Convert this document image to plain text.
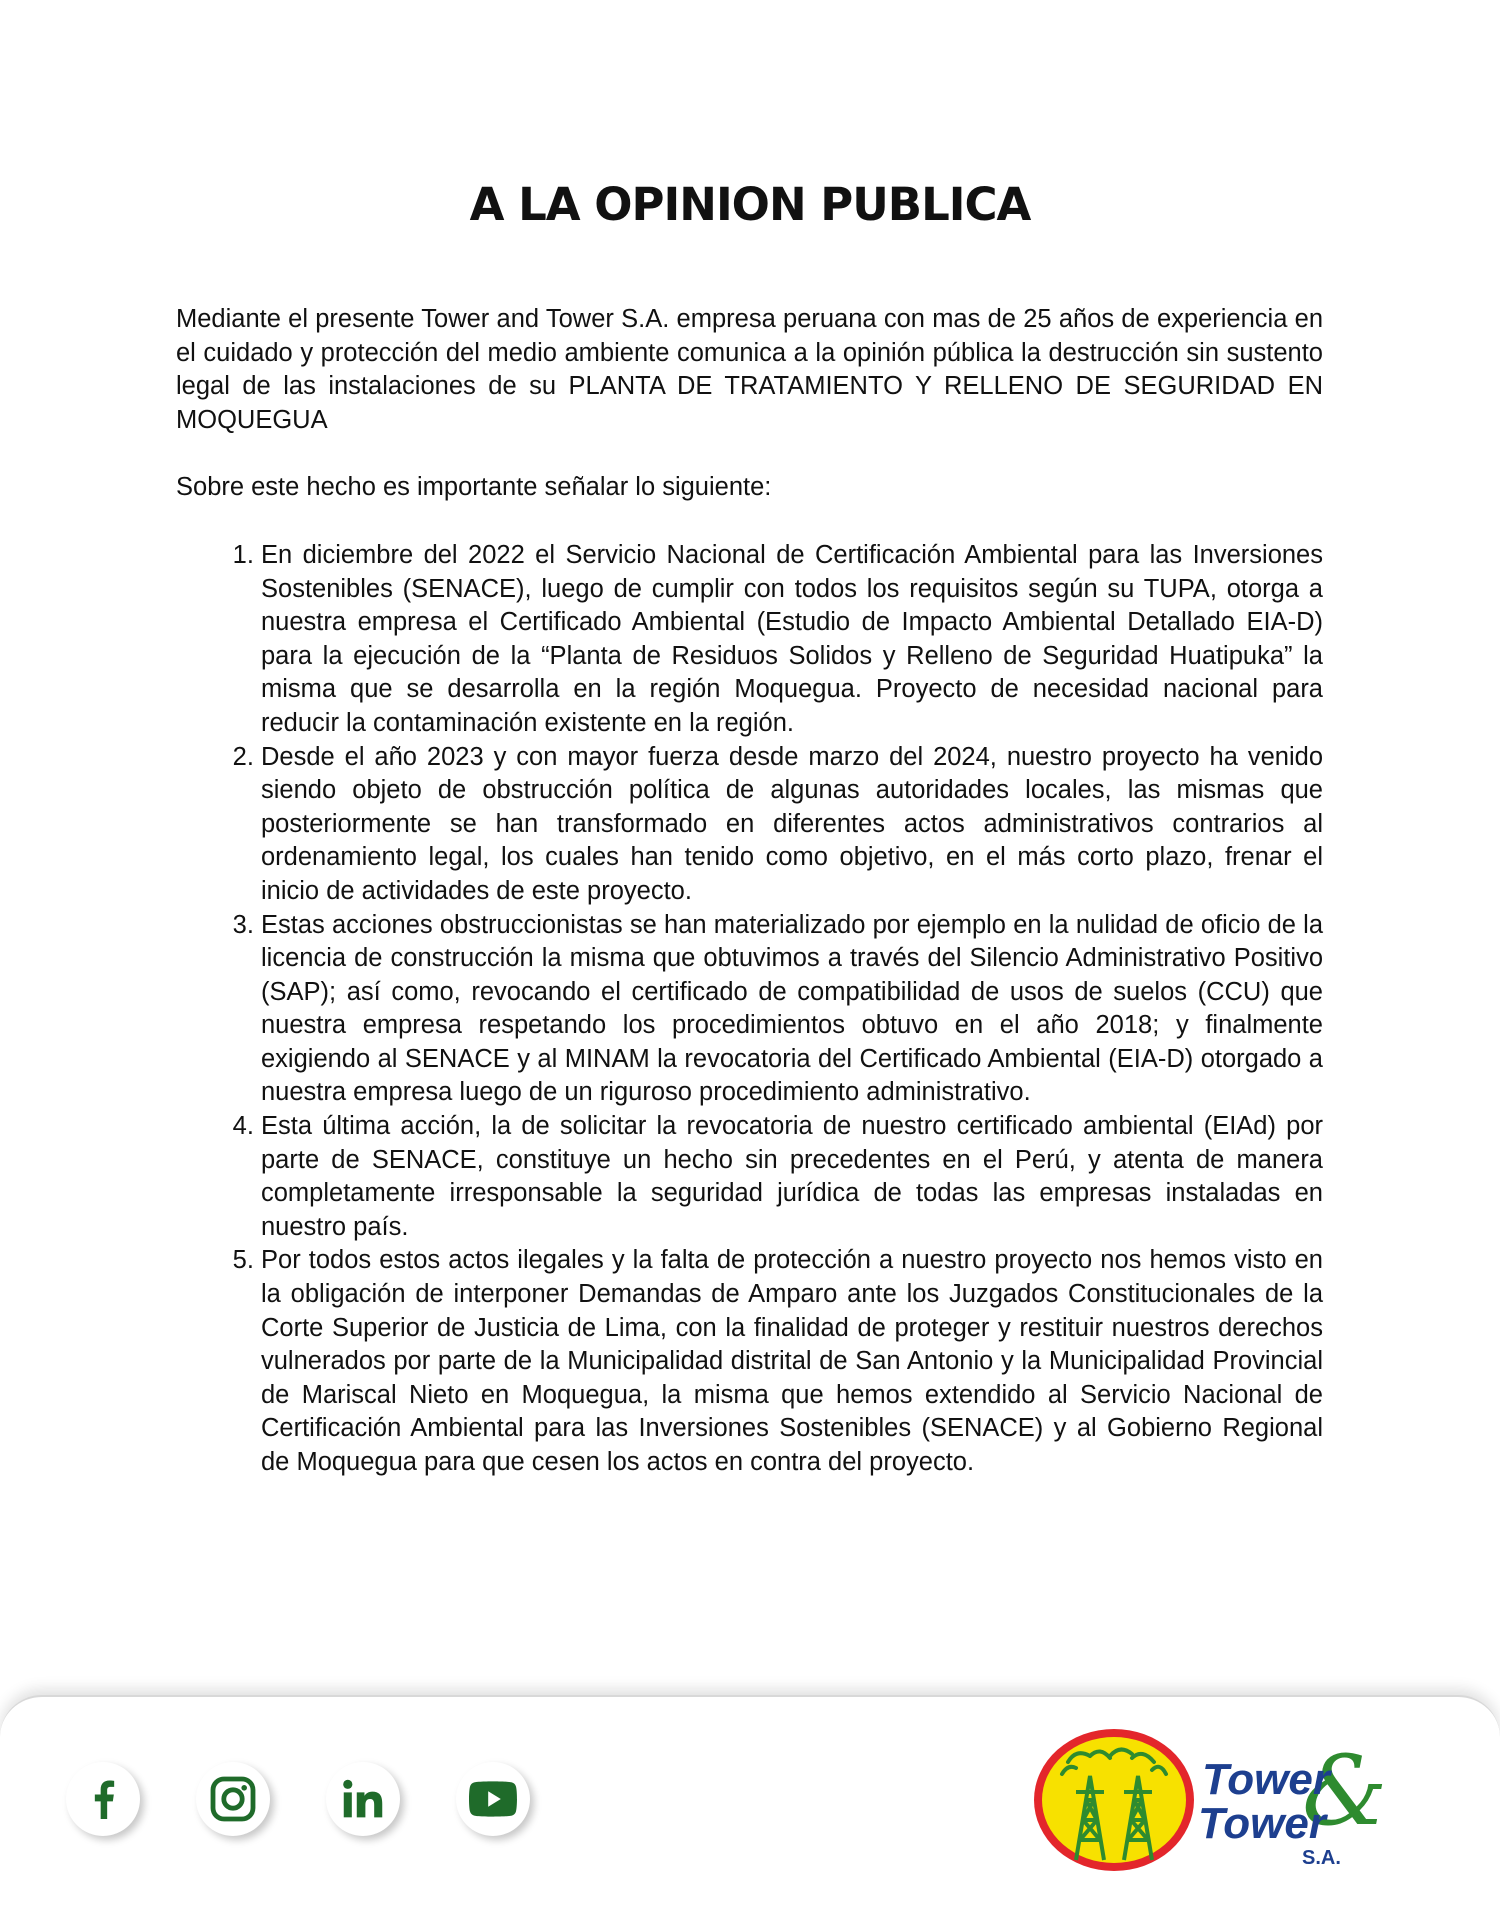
A LA OPINION PUBLICA

Mediante el presente Tower and Tower S.A. empresa peruana con mas de 25 años de experiencia en el cuidado y protección del medio ambiente comunica a la opinión pública la destrucción sin sustento legal de las instalaciones de su PLANTA DE TRATAMIENTO Y RELLENO DE SEGURIDAD EN MOQUEGUA

Sobre este hecho es importante señalar lo siguiente:

1. En diciembre del 2022 el Servicio Nacional de Certificación Ambiental para las Inversiones Sostenibles (SENACE), luego de cumplir con todos los requisitos según su TUPA, otorga a nuestra empresa el Certificado Ambiental (Estudio de Impacto Ambiental Detallado EIA-D) para la ejecución de la “Planta de Residuos Solidos y Relleno de Seguridad Huatipuka” la misma que se desarrolla en la región Moquegua. Proyecto de necesidad nacional para reducir la contaminación existente en la región.
2. Desde el año 2023 y con mayor fuerza desde marzo del 2024, nuestro proyecto ha venido siendo objeto de obstrucción política de algunas autoridades locales, las mismas que posteriormente se han transformado en diferentes actos administrativos contrarios al ordenamiento legal, los cuales han tenido como objetivo, en el más corto plazo, frenar el inicio de actividades de este proyecto.
3. Estas acciones obstruccionistas se han materializado por ejemplo en la nulidad de oficio de la licencia de construcción la misma que obtuvimos a través del Silencio Administrativo Positivo (SAP); así como, revocando el certificado de compatibilidad de usos de suelos (CCU) que nuestra empresa respetando los procedimientos obtuvo en el año 2018; y finalmente exigiendo al SENACE y al MINAM la revocatoria del Certificado Ambiental (EIA-D) otorgado a nuestra empresa luego de un riguroso procedimiento administrativo.
4. Esta última acción, la de solicitar la revocatoria de nuestro certificado ambiental (EIAd) por parte de SENACE, constituye un hecho sin precedentes en el Perú, y atenta de manera completamente irresponsable la seguridad jurídica de todas las empresas instaladas en nuestro país.
5. Por todos estos actos ilegales y la falta de protección a nuestro proyecto nos hemos visto en la obligación de interponer Demandas de Amparo ante los Juzgados Constitucionales de la Corte Superior de Justicia de Lima, con la finalidad de proteger y restituir nuestros derechos vulnerados por parte de la Municipalidad distrital de San Antonio y la Municipalidad Provincial de Mariscal Nieto en Moquegua, la misma que hemos extendido al Servicio Nacional de Certificación Ambiental para las Inversiones Sostenibles (SENACE) y al Gobierno Regional de Moquegua para que cesen los actos en contra del proyecto.
&
Tower
Tower
S.A.
